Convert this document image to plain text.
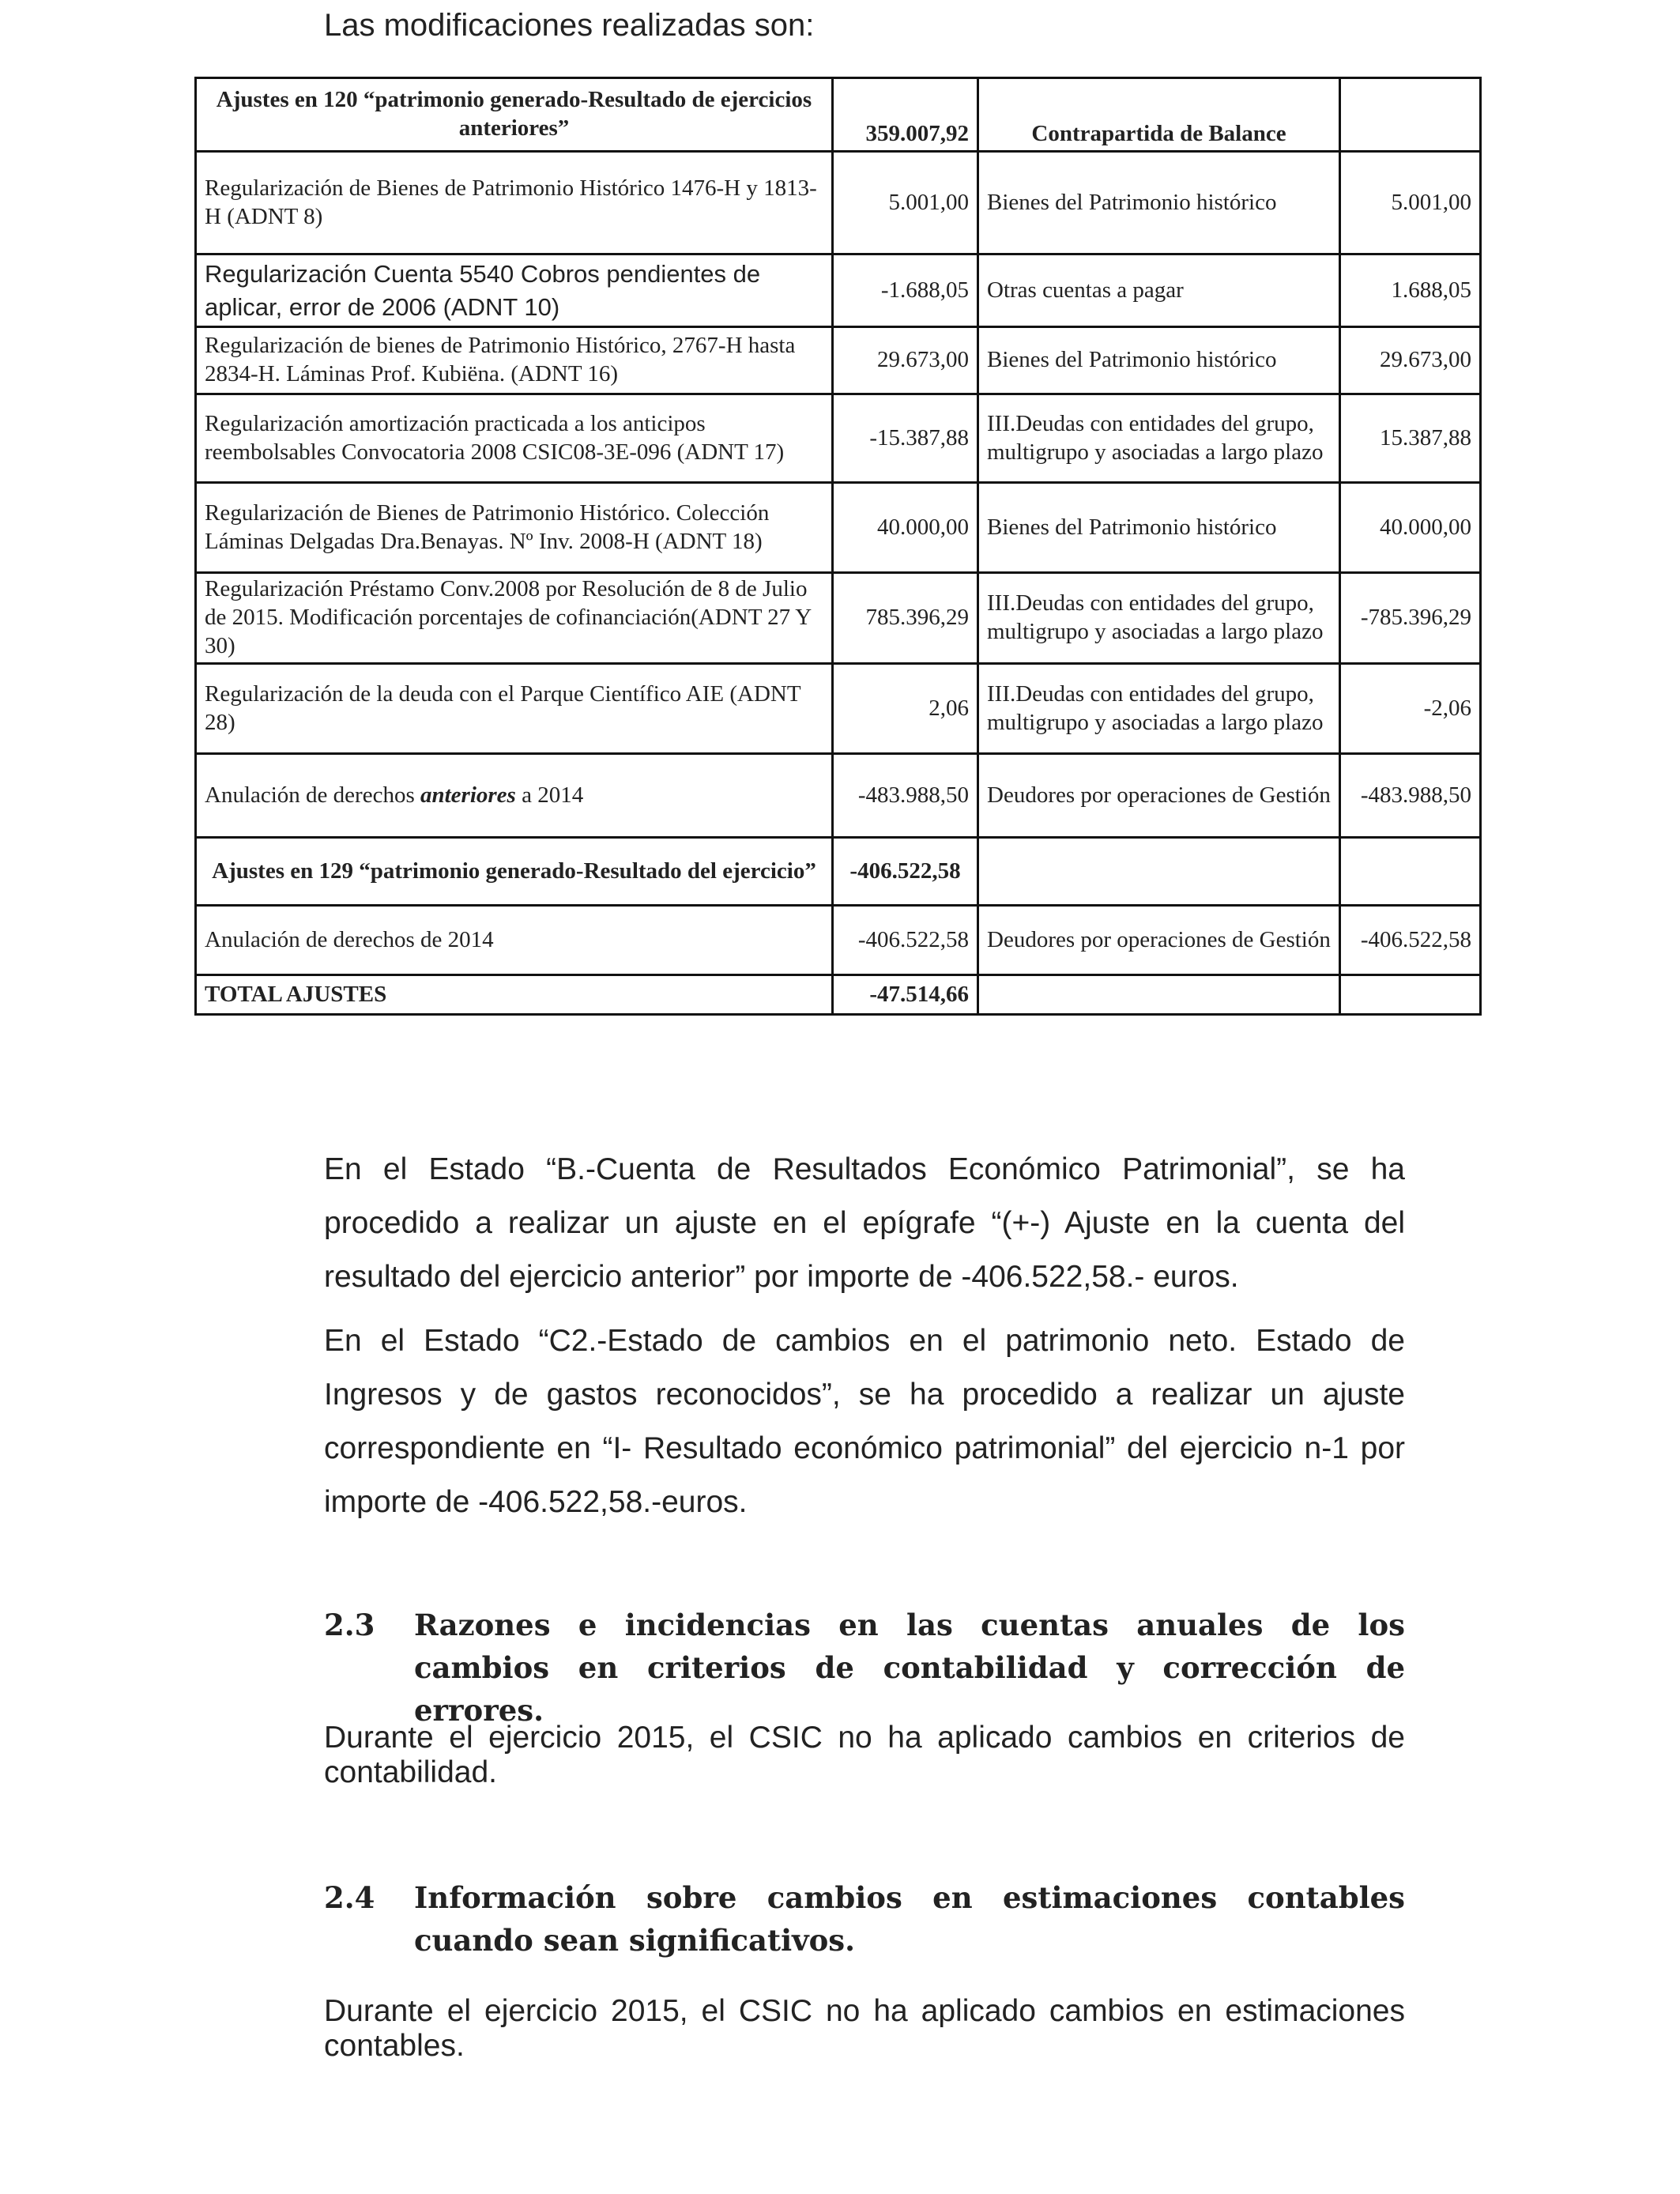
Las modificaciones realizadas son:
Ajustes en 120 “patrimonio generado-Resultado de ejercicios anteriores”	359.007,92	Contrapartida de Balance	
Regularización de Bienes de Patrimonio Histórico 1476-H y 1813-H (ADNT 8)	5.001,00	Bienes del Patrimonio histórico	5.001,00
Regularización Cuenta 5540 Cobros pendientes de aplicar, error de 2006 (ADNT 10)	-1.688,05	Otras cuentas a pagar	1.688,05
Regularización de bienes de Patrimonio Histórico, 2767-H hasta 2834-H. Láminas Prof. Kubiëna. (ADNT 16)	29.673,00	Bienes del Patrimonio histórico	29.673,00
Regularización amortización practicada a los anticipos reembolsables Convocatoria 2008 CSIC08-3E-096 (ADNT 17)	-15.387,88	III.Deudas con entidades del grupo, multigrupo y asociadas a largo plazo	15.387,88
Regularización de Bienes de Patrimonio Histórico. Colección Láminas Delgadas Dra.Benayas. Nº Inv. 2008-H (ADNT 18)	40.000,00	Bienes del Patrimonio histórico	40.000,00
Regularización Préstamo Conv.2008 por Resolución de 8 de Julio de 2015. Modificación porcentajes de cofinanciación(ADNT 27 Y 30)	785.396,29	III.Deudas con entidades del grupo, multigrupo y asociadas a largo plazo	-785.396,29
Regularización de la deuda con el Parque Científico AIE (ADNT 28)	2,06	III.Deudas con entidades del grupo, multigrupo y asociadas a largo plazo	-2,06
Anulación de derechos anteriores a 2014	-483.988,50	Deudores por operaciones de Gestión	-483.988,50
Ajustes en 129 “patrimonio generado-Resultado del ejercicio”	-406.522,58		
Anulación de derechos de 2014	-406.522,58	Deudores por operaciones de Gestión	-406.522,58
TOTAL AJUSTES	-47.514,66		

En el Estado “B.-Cuenta de Resultados Económico Patrimonial”, se ha procedido a realizar un ajuste en el epígrafe “(+-) Ajuste en la cuenta del resultado del ejercicio anterior” por importe de -406.522,58.- euros.

En el Estado “C2.-Estado de cambios en el patrimonio neto. Estado de Ingresos y de gastos reconocidos”, se ha procedido a realizar un ajuste correspondiente en “I- Resultado económico patrimonial” del ejercicio n-1 por importe de -406.522,58.-euros.

2.3 Razones e incidencias en las cuentas anuales de los cambios en criterios de contabilidad y corrección de errores.

Durante el ejercicio 2015, el CSIC no ha aplicado cambios en criterios de contabilidad.

2.4 Información sobre cambios en estimaciones contables cuando sean significativos.

Durante el ejercicio 2015, el CSIC no ha aplicado cambios en estimaciones contables.
